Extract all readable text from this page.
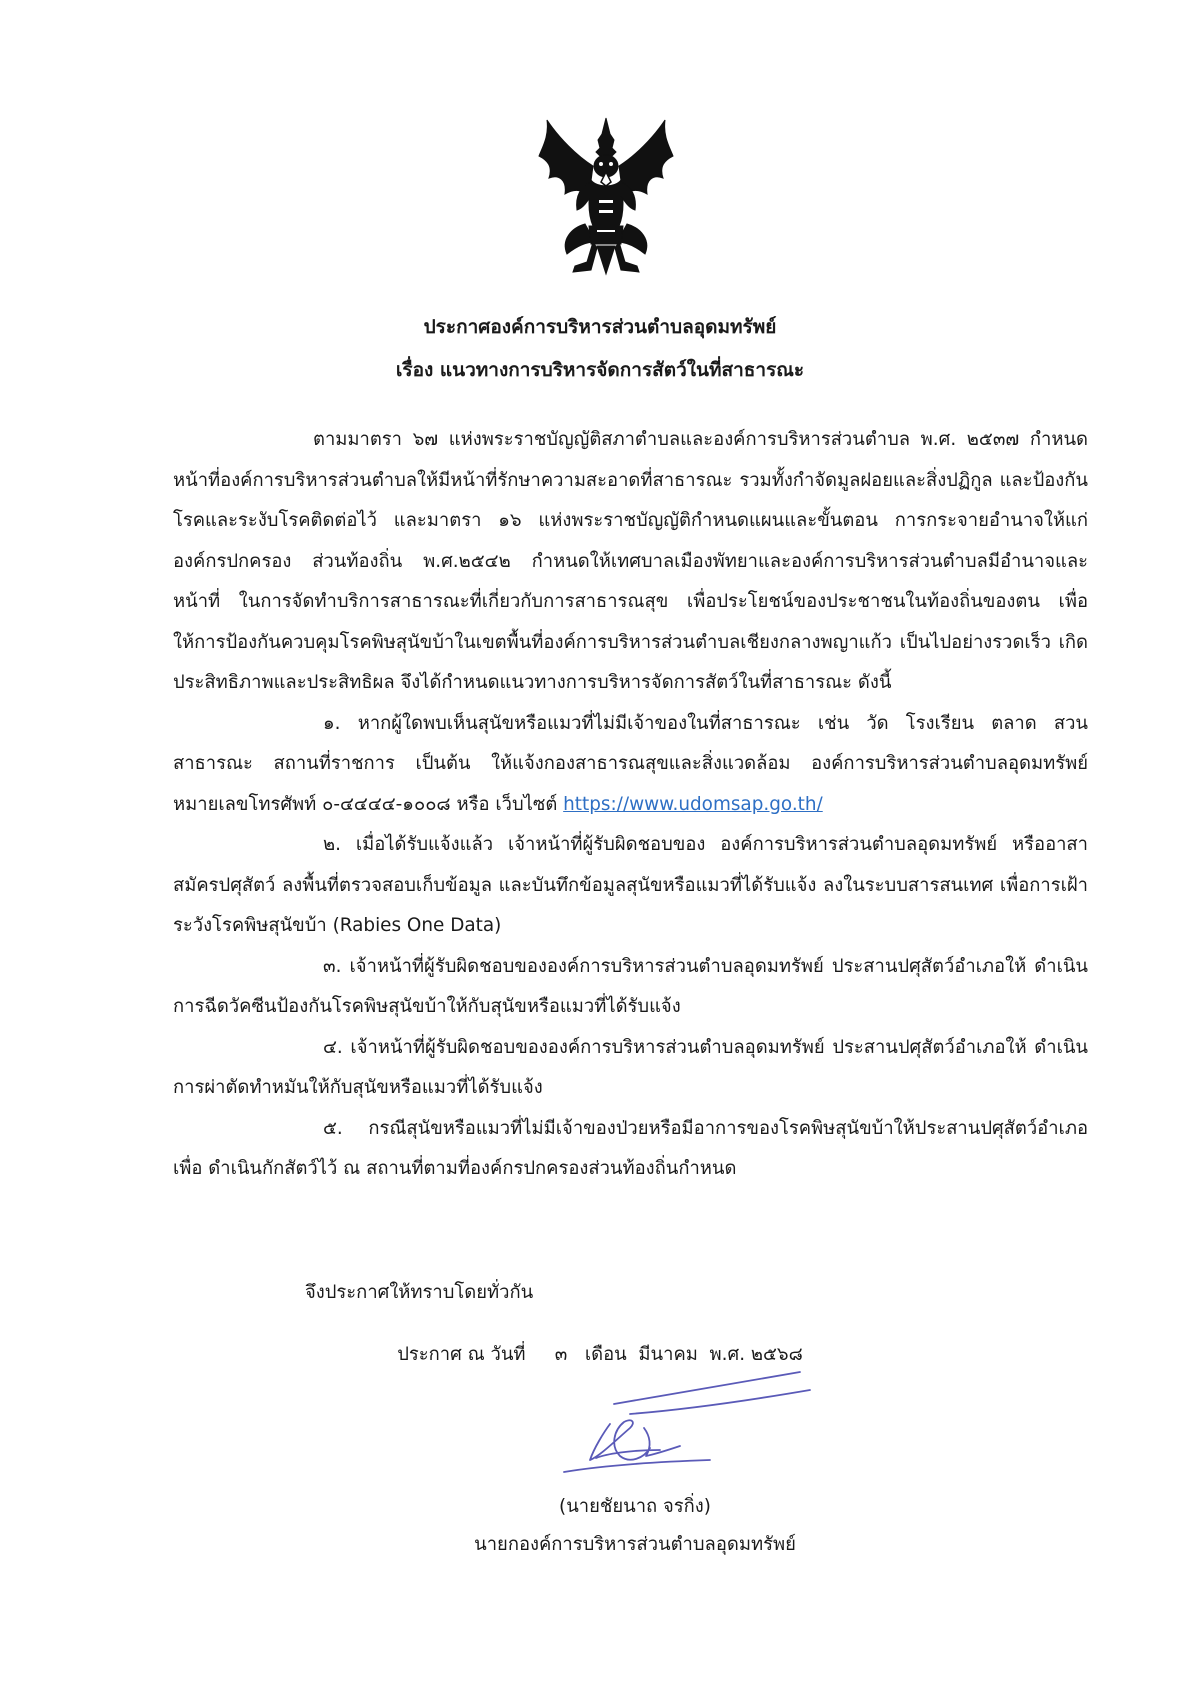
ประกาศองค์การบริหารส่วนตำบลอุดมทรัพย์
เรื่อง แนวทางการบริหารจัดการสัตว์ในที่สาธารณะ

ตามมาตรา ๖๗ แห่งพระราชบัญญัติสภาตำบลและองค์การบริหารส่วนตำบล พ.ศ. ๒๕๓๗ กำหนด หน้าที่องค์การบริหารส่วนตำบลให้มีหน้าที่รักษาความสะอาดที่สาธารณะ รวมทั้งกำจัดมูลฝอยและสิ่งปฏิกูล และป้องกันโรคและระงับโรคติดต่อไว้ และมาตรา ๑๖ แห่งพระราชบัญญัติกำหนดแผนและขั้นตอน การกระจายอำนาจให้แก่องค์กรปกครอง ส่วนท้องถิ่น พ.ศ.๒๕๔๒ กำหนดให้เทศบาลเมืองพัทยาและองค์การบริหารส่วนตำบลมีอำนาจและหน้าที่ ในการจัดทำบริการสาธารณะที่เกี่ยวกับการสาธารณสุข เพื่อประโยชน์ของประชาชนในท้องถิ่นของตน เพื่อให้การป้องกันควบคุมโรคพิษสุนัขบ้าในเขตพื้นที่องค์การบริหารส่วนตำบลเชียงกลางพญาแก้ว เป็นไปอย่างรวดเร็ว เกิดประสิทธิภาพและประสิทธิผล จึงได้กำหนดแนวทางการบริหารจัดการสัตว์ในที่สาธารณะ ดังนี้

๑. หากผู้ใดพบเห็นสุนัขหรือแมวที่ไม่มีเจ้าของในที่สาธารณะ เช่น วัด โรงเรียน ตลาด สวนสาธารณะ สถานที่ราชการ เป็นต้น ให้แจ้งกองสาธารณสุขและสิ่งแวดล้อม องค์การบริหารส่วนตำบลอุดมทรัพย์ หมายเลขโทรศัพท์ ๐-๔๔๔๔-๑๐๐๘ หรือ เว็บไซต์ https://www.udomsap.go.th/

๒. เมื่อได้รับแจ้งแล้ว เจ้าหน้าที่ผู้รับผิดชอบของ องค์การบริหารส่วนตำบลอุดมทรัพย์ หรืออาสาสมัครปศุสัตว์ ลงพื้นที่ตรวจสอบเก็บข้อมูล และบันทึกข้อมูลสุนัขหรือแมวที่ได้รับแจ้ง ลงในระบบสารสนเทศ เพื่อการเฝ้าระวังโรคพิษสุนัขบ้า (Rabies One Data)

๓. เจ้าหน้าที่ผู้รับผิดชอบขององค์การบริหารส่วนตำบลอุดมทรัพย์ ประสานปศุสัตว์อำเภอให้ ดำเนินการฉีดวัคซีนป้องกันโรคพิษสุนัขบ้าให้กับสุนัขหรือแมวที่ได้รับแจ้ง

๔. เจ้าหน้าที่ผู้รับผิดชอบขององค์การบริหารส่วนตำบลอุดมทรัพย์ ประสานปศุสัตว์อำเภอให้ ดำเนินการผ่าตัดทำหมันให้กับสุนัขหรือแมวที่ได้รับแจ้ง

๕. กรณีสุนัขหรือแมวที่ไม่มีเจ้าของป่วยหรือมีอาการของโรคพิษสุนัขบ้าให้ประสานปศุสัตว์อำเภอเพื่อ ดำเนินกักสัตว์ไว้ ณ สถานที่ตามที่องค์กรปกครองส่วนท้องถิ่นกำหนด

จึงประกาศให้ทราบโดยทั่วกัน
ประกาศ ณ วันที่     ๓   เดือน  มีนาคม  พ.ศ. ๒๕๖๘
(นายชัยนาถ จรกิ่ง)
นายกองค์การบริหารส่วนตำบลอุดมทรัพย์
